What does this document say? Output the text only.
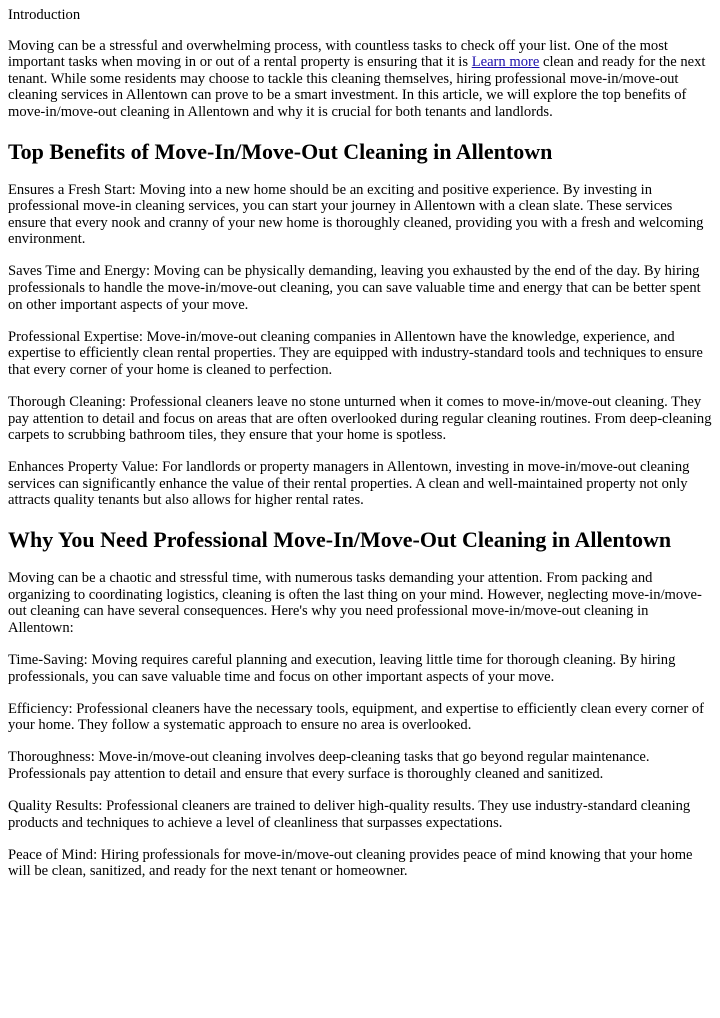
Introduction

Moving can be a stressful and overwhelming process, with countless tasks to check off your list. One of the most important tasks when moving in or out of a rental property is ensuring that it is Learn more clean and ready for the next tenant. While some residents may choose to tackle this cleaning themselves, hiring professional move-in/move-out cleaning services in Allentown can prove to be a smart investment. In this article, we will explore the top benefits of move-in/move-out cleaning in Allentown and why it is crucial for both tenants and landlords.

Top Benefits of Move-In/Move-Out Cleaning in Allentown

Ensures a Fresh Start: Moving into a new home should be an exciting and positive experience. By investing in professional move-in cleaning services, you can start your journey in Allentown with a clean slate. These services ensure that every nook and cranny of your new home is thoroughly cleaned, providing you with a fresh and welcoming environment.

Saves Time and Energy: Moving can be physically demanding, leaving you exhausted by the end of the day. By hiring professionals to handle the move-in/move-out cleaning, you can save valuable time and energy that can be better spent on other important aspects of your move.

Professional Expertise: Move-in/move-out cleaning companies in Allentown have the knowledge, experience, and expertise to efficiently clean rental properties. They are equipped with industry-standard tools and techniques to ensure that every corner of your home is cleaned to perfection.

Thorough Cleaning: Professional cleaners leave no stone unturned when it comes to move-in/move-out cleaning. They pay attention to detail and focus on areas that are often overlooked during regular cleaning routines. From deep-cleaning carpets to scrubbing bathroom tiles, they ensure that your home is spotless.

Enhances Property Value: For landlords or property managers in Allentown, investing in move-in/move-out cleaning services can significantly enhance the value of their rental properties. A clean and well-maintained property not only attracts quality tenants but also allows for higher rental rates.

Why You Need Professional Move-In/Move-Out Cleaning in Allentown

Moving can be a chaotic and stressful time, with numerous tasks demanding your attention. From packing and organizing to coordinating logistics, cleaning is often the last thing on your mind. However, neglecting move-in/move-out cleaning can have several consequences. Here's why you need professional move-in/move-out cleaning in Allentown:

Time-Saving: Moving requires careful planning and execution, leaving little time for thorough cleaning. By hiring professionals, you can save valuable time and focus on other important aspects of your move.

Efficiency: Professional cleaners have the necessary tools, equipment, and expertise to efficiently clean every corner of your home. They follow a systematic approach to ensure no area is overlooked.

Thoroughness: Move-in/move-out cleaning involves deep-cleaning tasks that go beyond regular maintenance. Professionals pay attention to detail and ensure that every surface is thoroughly cleaned and sanitized.

Quality Results: Professional cleaners are trained to deliver high-quality results. They use industry-standard cleaning products and techniques to achieve a level of cleanliness that surpasses expectations.

Peace of Mind: Hiring professionals for move-in/move-out cleaning provides peace of mind knowing that your home will be clean, sanitized, and ready for the next tenant or homeowner.
